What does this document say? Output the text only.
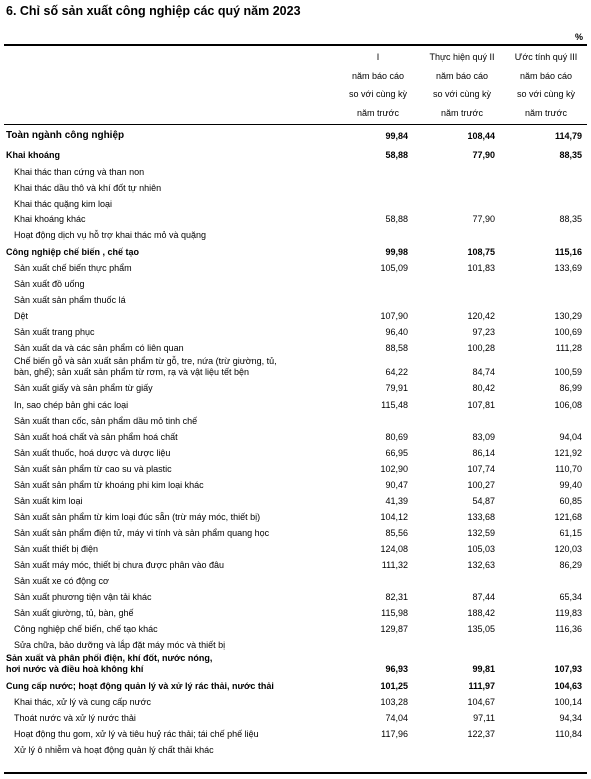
6. Chỉ số sản xuất công nghiệp các quý năm 2023
%
I
năm báo cáo
so với cùng kỳ
năm trước
Thực hiện quý II
năm báo cáo
so với cùng kỳ
năm trước
Ước tính quý III
năm báo cáo
so với cùng kỳ
năm trước
Toàn ngành công nghiệp	99,84	108,44	114,79
Khai khoáng	58,88	77,90	88,35
Khai thác than cứng và than non
Khai thác dầu thô và khí đốt tự nhiên
Khai thác quặng kim loại
Khai khoáng khác	58,88	77,90	88,35
Hoạt động dịch vụ hỗ trợ khai thác mỏ và quặng
Công nghiệp chế biến , chế tạo	99,98	108,75	115,16
Sản xuất chế biến thực phẩm	105,09	101,83	133,69
Sản xuất đồ uống
Sản xuất sản phẩm thuốc lá
Dệt	107,90	120,42	130,29
Sản xuất trang phục	96,40	97,23	100,69
Sản xuất da và các sản phẩm có liên quan	88,58	100,28	111,28
Chế biến gỗ và sản xuất sản phẩm từ gỗ, tre, nứa (trừ giường, tủ,
bàn, ghế); sản xuất sản phẩm từ rơm, rạ và vật liệu tết bện	64,22	84,74	100,59
Sản xuất giấy và sản phẩm từ giấy	79,91	80,42	86,99
In, sao chép bản ghi các loại	115,48	107,81	106,08
Sản xuất than cốc, sản phẩm dầu mỏ tinh chế
Sản xuất hoá chất và sản phẩm hoá chất	80,69	83,09	94,04
Sản xuất thuốc, hoá dược và dược liệu	66,95	86,14	121,92
Sản xuất sản phẩm từ cao su và plastic	102,90	107,74	110,70
Sản xuất sản phẩm từ khoáng phi kim loại khác	90,47	100,27	99,40
Sản xuất kim loại	41,39	54,87	60,85
Sản xuất sản phẩm từ kim loại đúc sẵn (trừ máy móc, thiết bị)	104,12	133,68	121,68
Sản xuất sản phẩm điện tử, máy vi tính và sản phẩm quang học	85,56	132,59	61,15
Sản xuất thiết bị điện	124,08	105,03	120,03
Sản xuất máy móc, thiết bị chưa được phân vào đâu	111,32	132,63	86,29
Sản xuất xe có động cơ
Sản xuất phương tiện vận tải khác	82,31	87,44	65,34
Sản xuất giường, tủ, bàn, ghế	115,98	188,42	119,83
Công nghiệp chế biến, chế tạo khác	129,87	135,05	116,36
Sửa chữa, bảo dưỡng và lắp đặt máy móc và thiết bị
Sản xuất và phân phối điện, khí đốt, nước nóng,
hơi nước và điều hoà không khí	96,93	99,81	107,93
Cung cấp nước; hoạt động quản lý và xử lý rác thải, nước thải	101,25	111,97	104,63
Khai thác, xử lý và cung cấp nước	103,28	104,67	100,14
Thoát nước và xử lý nước thải	74,04	97,11	94,34
Hoạt động thu gom, xử lý và tiêu huỷ rác thải; tái chế phế liệu	117,96	122,37	110,84
Xử lý ô nhiễm và hoạt động quản lý chất thải khác
